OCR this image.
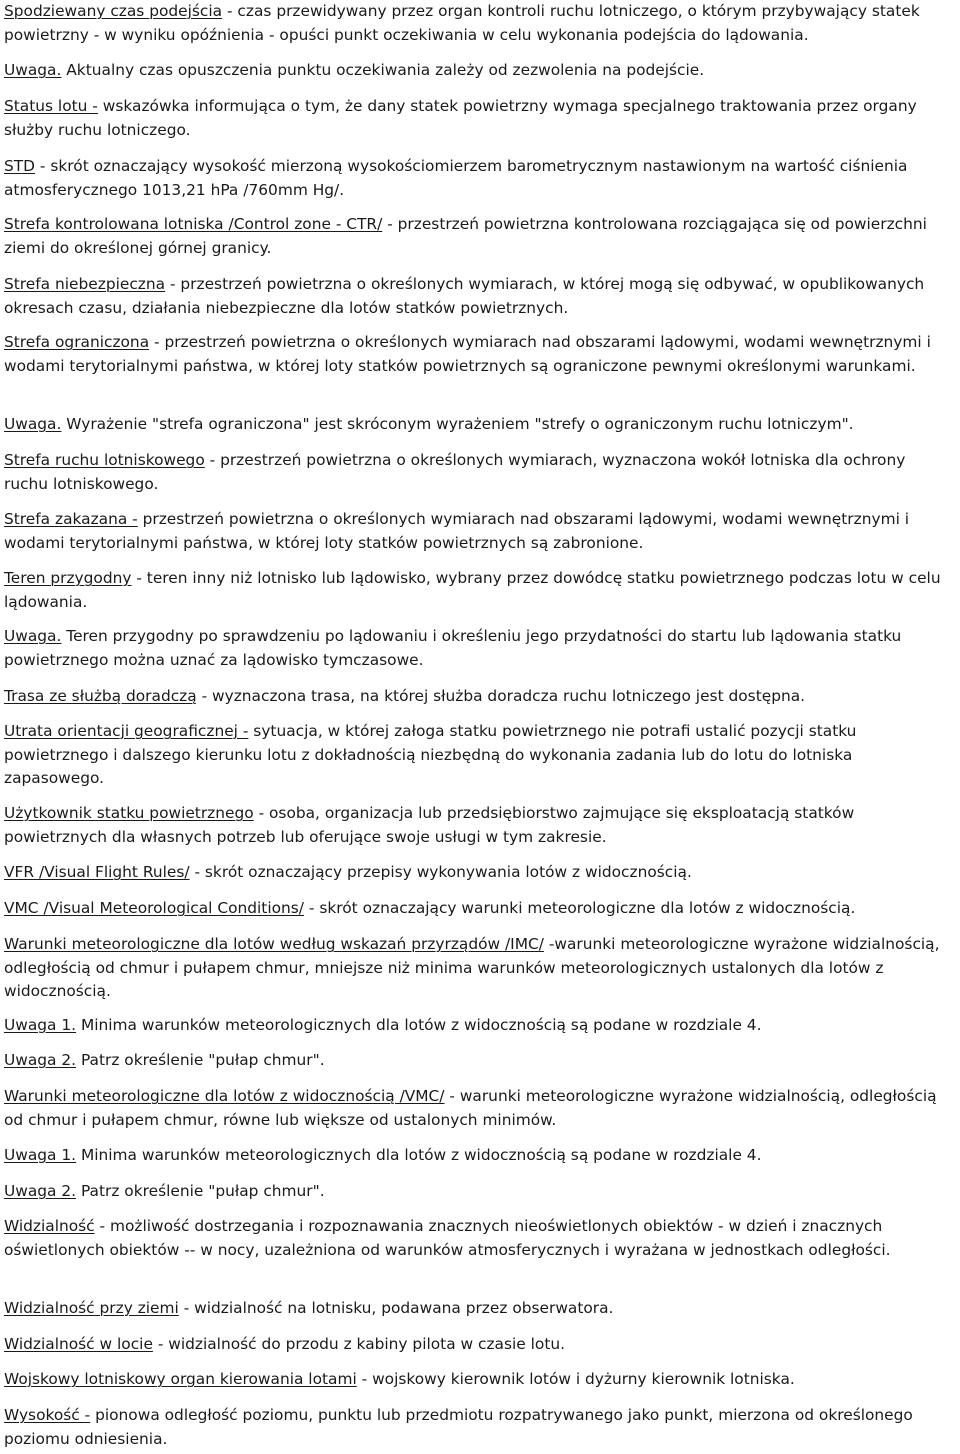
Spodziewany czas podejścia - czas przewidywany przez organ kontroli ruchu lotniczego, o którym przybywający statek powietrzny - w wyniku opóźnienia - opuści punkt oczekiwania w celu wykonania podejścia do lądowania.

Uwaga. Aktualny czas opuszczenia punktu oczekiwania zależy od zezwolenia na podejście.

Status lotu - wskazówka informująca o tym, że dany statek powietrzny wymaga specjalnego traktowania przez organy służby ruchu lotniczego.

STD - skrót oznaczający wysokość mierzoną wysokościomierzem barometrycznym nastawionym na wartość ciśnienia atmosferycznego 1013,21 hPa /760mm Hg/.

Strefa kontrolowana lotniska /Control zone - CTR/ - przestrzeń powietrzna kontrolowana rozciągająca się od powierzchni ziemi do określonej górnej granicy.

Strefa niebezpieczna - przestrzeń powietrzna o określonych wymiarach, w której mogą się odbywać, w opublikowanych okresach czasu, działania niebezpieczne dla lotów statków powietrznych.

Strefa ograniczona - przestrzeń powietrzna o określonych wymiarach nad obszarami lądowymi, wodami wewnętrznymi i wodami terytorialnymi państwa, w której loty statków powietrznych są ograniczone pewnymi określonymi warunkami.

Uwaga. Wyrażenie "strefa ograniczona" jest skróconym wyrażeniem "strefy o ograniczonym ruchu lotniczym".

Strefa ruchu lotniskowego - przestrzeń powietrzna o określonych wymiarach, wyznaczona wokół lotniska dla ochrony ruchu lotniskowego.

Strefa zakazana - przestrzeń powietrzna o określonych wymiarach nad obszarami lądowymi, wodami wewnętrznymi i wodami terytorialnymi państwa, w której loty statków powietrznych są zabronione.

Teren przygodny - teren inny niż lotnisko lub lądowisko, wybrany przez dowódcę statku powietrznego podczas lotu w celu lądowania.

Uwaga. Teren przygodny po sprawdzeniu po lądowaniu i określeniu jego przydatności do startu lub lądowania statku powietrznego można uznać za lądowisko tymczasowe.

Trasa ze służbą doradczą - wyznaczona trasa, na której służba doradcza ruchu lotniczego jest dostępna.

Utrata orientacji geograficznej - sytuacja, w której załoga statku powietrznego nie potrafi ustalić pozycji statku powietrznego i dalszego kierunku lotu z dokładnością niezbędną do wykonania zadania lub do lotu do lotniska zapasowego.

Użytkownik statku powietrznego - osoba, organizacja lub przedsiębiorstwo zajmujące się eksploatacją statków powietrznych dla własnych potrzeb lub oferujące swoje usługi w tym zakresie.

VFR /Visual Flight Rules/ - skrót oznaczający przepisy wykonywania lotów z widocznością.

VMC /Visual Meteorological Conditions/ - skrót oznaczający warunki meteorologiczne dla lotów z widocznością.

Warunki meteorologiczne dla lotów według wskazań przyrządów /IMC/ -warunki meteorologiczne wyrażone widzialnością, odległością od chmur i pułapem chmur, mniejsze niż minima warunków meteorologicznych ustalonych dla lotów z widocznością.

Uwaga 1. Minima warunków meteorologicznych dla lotów z widocznością są podane w rozdziale 4.

Uwaga 2. Patrz określenie "pułap chmur".

Warunki meteorologiczne dla lotów z widocznością /VMC/ - warunki meteorologiczne wyrażone widzialnością, odległością od chmur i pułapem chmur, równe lub większe od ustalonych minimów.

Uwaga 1. Minima warunków meteorologicznych dla lotów z widocznością są podane w rozdziale 4.

Uwaga 2. Patrz określenie "pułap chmur".

Widzialność - możliwość dostrzegania i rozpoznawania znacznych nieoświetlonych obiektów - w dzień i znacznych oświetlonych obiektów -- w nocy, uzależniona od warunków atmosferycznych i wyrażana w jednostkach odległości.

Widzialność przy ziemi - widzialność na lotnisku, podawana przez obserwatora.

Widzialność w locie - widzialność do przodu z kabiny pilota w czasie lotu.

Wojskowy lotniskowy organ kierowania lotami - wojskowy kierownik lotów i dyżurny kierownik lotniska.

Wysokość - pionowa odległość poziomu, punktu lub przedmiotu rozpatrywanego jako punkt, mierzona od określonego poziomu odniesienia.
